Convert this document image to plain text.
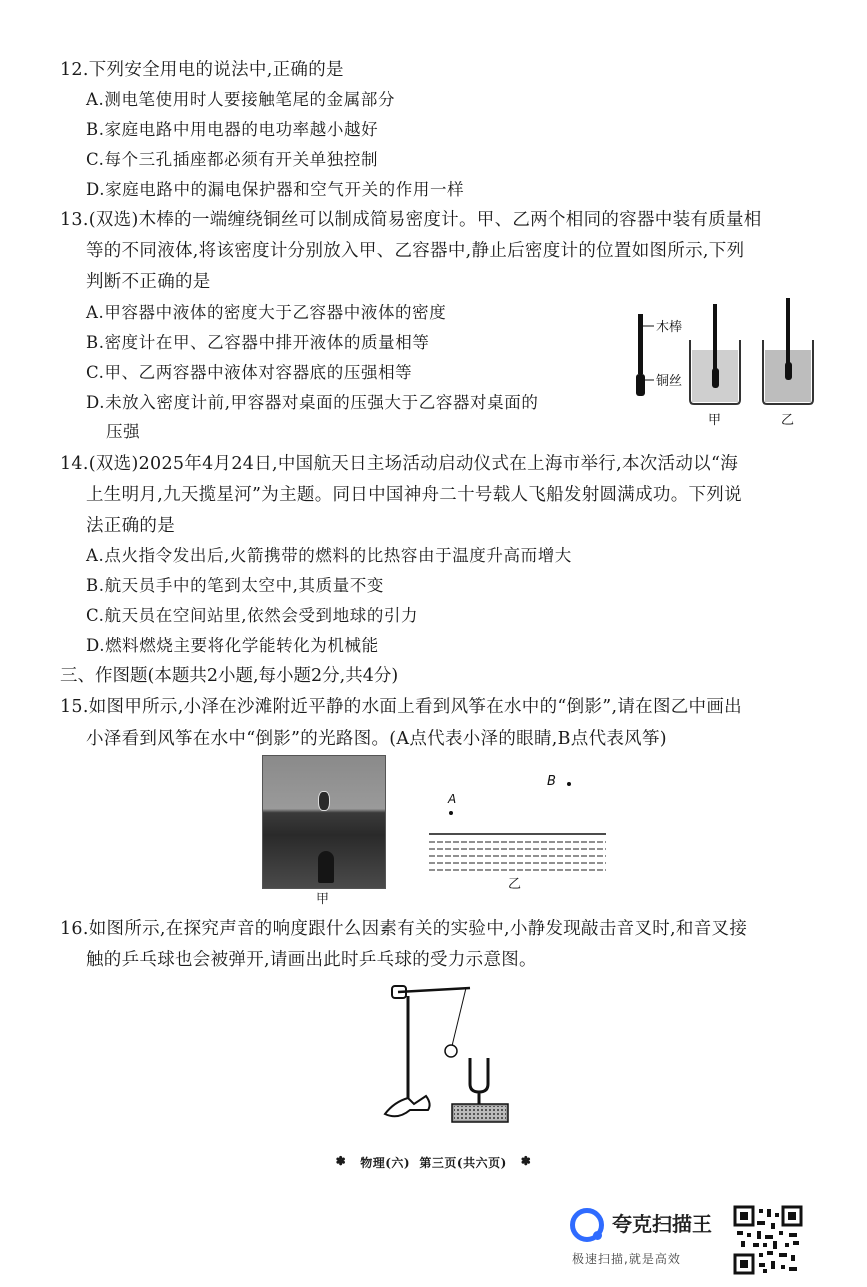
12.下列安全用电的说法中,正确的是
A.测电笔使用时人要接触笔尾的金属部分
B.家庭电路中用电器的电功率越小越好
C.每个三孔插座都必须有开关单独控制
D.家庭电路中的漏电保护器和空气开关的作用一样
13.(双选)木棒的一端缠绕铜丝可以制成简易密度计。甲、乙两个相同的容器中装有质量相
等的不同液体,将该密度计分别放入甲、乙容器中,静止后密度计的位置如图所示,下列
判断不正确的是
A.甲容器中液体的密度大于乙容器中液体的密度
B.密度计在甲、乙容器中排开液体的质量相等
C.甲、乙两容器中液体对容器底的压强相等
D.未放入密度计前,甲容器对桌面的压强大于乙容器对桌面的
压强
木棒
铜丝
甲	乙
14.(双选)2025年4月24日,中国航天日主场活动启动仪式在上海市举行,本次活动以“海
上生明月,九天揽星河”为主题。同日中国神舟二十号载人飞船发射圆满成功。下列说
法正确的是
A.点火指令发出后,火箭携带的燃料的比热容由于温度升高而增大
B.航天员手中的笔到太空中,其质量不变
C.航天员在空间站里,依然会受到地球的引力
D.燃料燃烧主要将化学能转化为机械能
三、作图题(本题共2小题,每小题2分,共4分)
15.如图甲所示,小泽在沙滩附近平静的水面上看到风筝在水中的“倒影”,请在图乙中画出
小泽看到风筝在水中“倒影”的光路图。(A点代表小泽的眼睛,B点代表风筝)
甲
B
A
乙
16.如图所示,在探究声音的响度跟什么因素有关的实验中,小静发现敲击音叉时,和音叉接
触的乒乓球也会被弹开,请画出此时乒乓球的受力示意图。
✽ 物理(六)  第三页(共六页) ✽
夸克扫描王
极速扫描,就是高效
